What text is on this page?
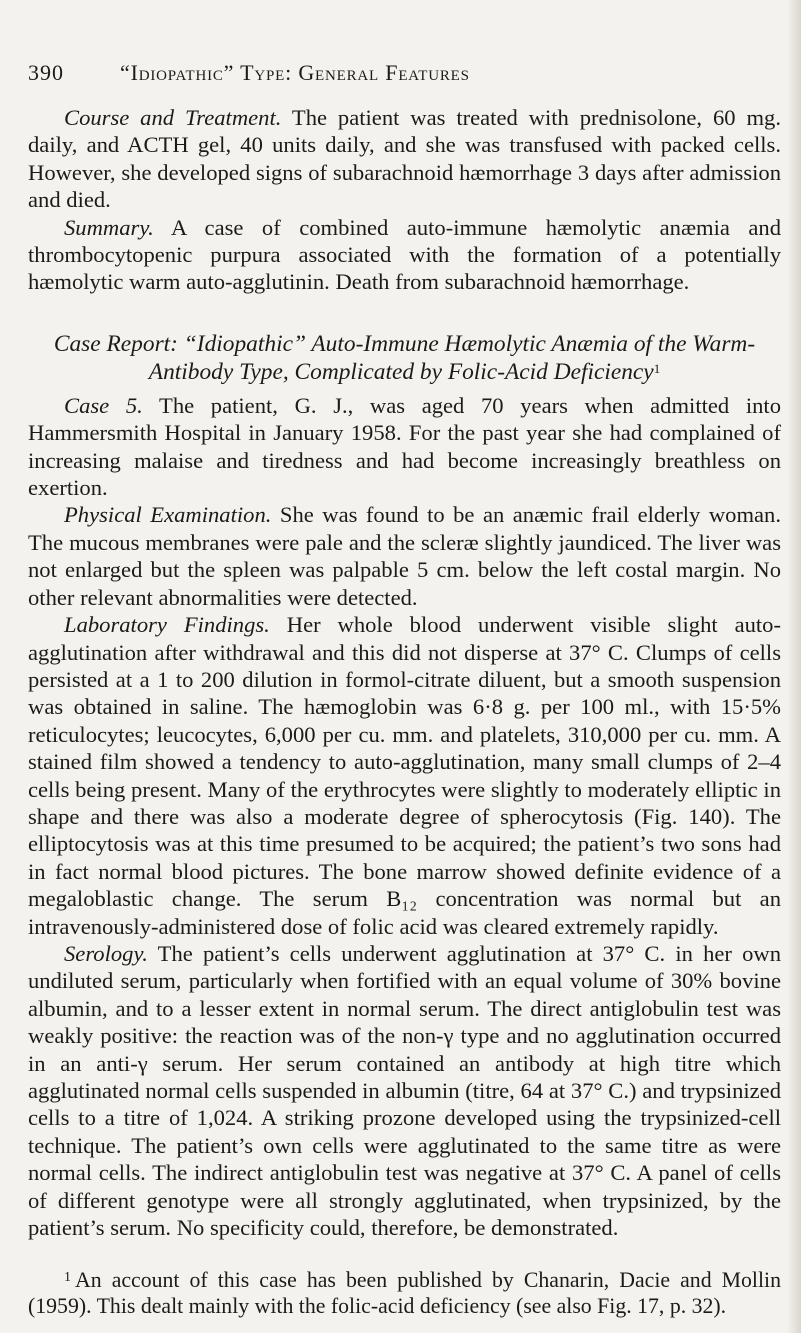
390	“Idiopathic” Type: General Features

Course and Treatment. The patient was treated with prednisolone, 60 mg. daily, and ACTH gel, 40 units daily, and she was transfused with packed cells. However, she developed signs of subarachnoid hæmorrhage 3 days after admission and died.

Summary. A case of combined auto-immune hæmolytic anæmia and thrombocytopenic purpura associated with the formation of a potentially hæmolytic warm auto-agglutinin. Death from subarachnoid hæmorrhage.

Case Report: “Idiopathic” Auto-Immune Hæmolytic Anæmia of the Warm-Antibody Type, Complicated by Folic-Acid Deficiency$^1$

Case 5. The patient, G. J., was aged 70 years when admitted into Hammersmith Hospital in January 1958. For the past year she had complained of increasing malaise and tiredness and had become increasingly breathless on exertion.

Physical Examination. She was found to be an anæmic frail elderly woman. The mucous membranes were pale and the scleræ slightly jaundiced. The liver was not enlarged but the spleen was palpable 5 cm. below the left costal margin. No other relevant abnormalities were detected.

Laboratory Findings. Her whole blood underwent visible slight auto-agglutination after withdrawal and this did not disperse at 37° C. Clumps of cells persisted at a 1 to 200 dilution in formol-citrate diluent, but a smooth suspension was obtained in saline. The hæmoglobin was 6·8 g. per 100 ml., with 15·5% reticulocytes; leucocytes, 6,000 per cu. mm. and platelets, 310,000 per cu. mm. A stained film showed a tendency to auto-agglutination, many small clumps of 2–4 cells being present. Many of the erythrocytes were slightly to moderately elliptic in shape and there was also a moderate degree of spherocytosis (Fig. 140). The elliptocytosis was at this time presumed to be acquired; the patient’s two sons had in fact normal blood pictures. The bone marrow showed definite evidence of a megaloblastic change. The serum B₁₂ concentration was normal but an intravenously-administered dose of folic acid was cleared extremely rapidly.

Serology. The patient’s cells underwent agglutination at 37° C. in her own undiluted serum, particularly when fortified with an equal volume of 30% bovine albumin, and to a lesser extent in normal serum. The direct antiglobulin test was weakly positive: the reaction was of the non-γ type and no agglutination occurred in an anti-γ serum. Her serum contained an antibody at high titre which agglutinated normal cells suspended in albumin (titre, 64 at 37° C.) and trypsinized cells to a titre of 1,024. A striking prozone developed using the trypsinized-cell technique. The patient’s own cells were agglutinated to the same titre as were normal cells. The indirect antiglobulin test was negative at 37° C. A panel of cells of different genotype were all strongly agglutinated, when trypsinized, by the patient’s serum. No specificity could, therefore, be demonstrated.

$^1$ An account of this case has been published by Chanarin, Dacie and Mollin (1959). This dealt mainly with the folic-acid deficiency (see also Fig. 17, p. 32).
